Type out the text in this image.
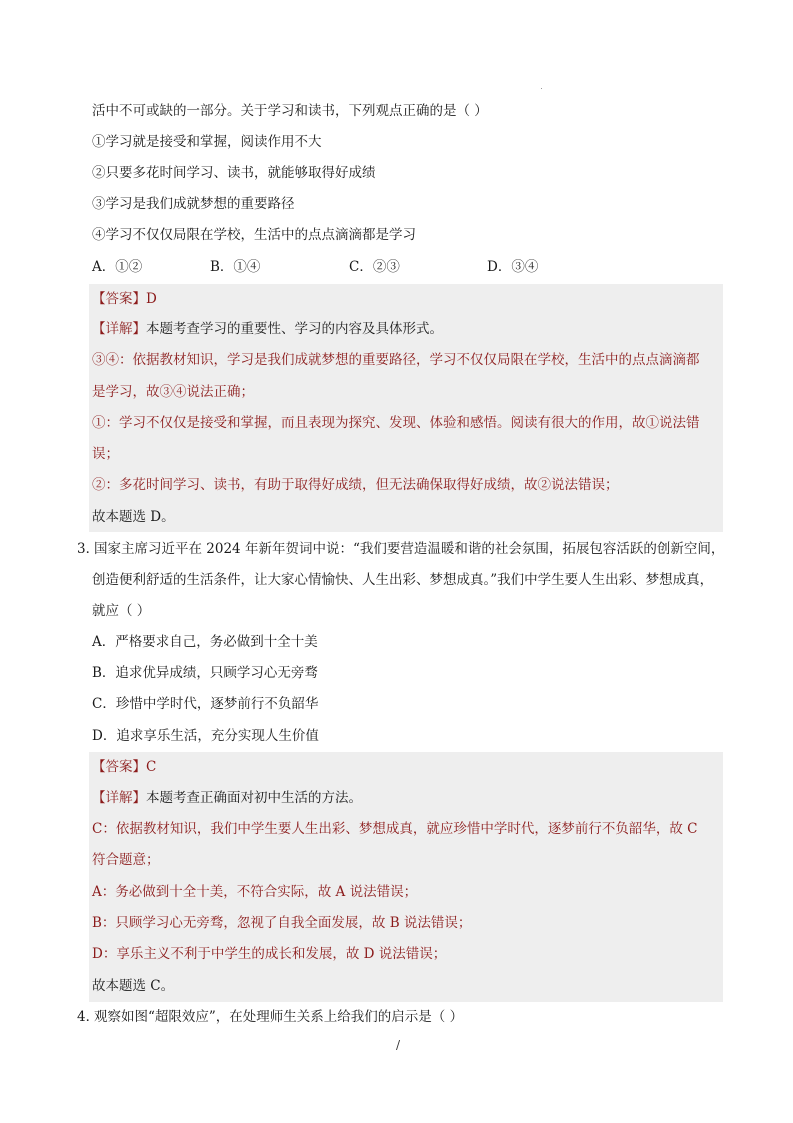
活中不可或缺的一部分。关于学习和读书，下列观点正确的是（ ）
①学习就是接受和掌握，阅读作用不大
②只要多花时间学习、读书，就能够取得好成绩
③学习是我们成就梦想的重要路径
④学习不仅仅局限在学校，生活中的点点滴滴都是学习
A．①②	B．①④	C．②③	D．③④
【答案】D
【详解】本题考查学习的重要性、学习的内容及具体形式。
③④：依据教材知识，学习是我们成就梦想的重要路径，学习不仅仅局限在学校，生活中的点点滴滴都
是学习，故③④说法正确；
①：学习不仅仅是接受和掌握，而且表现为探究、发现、体验和感悟。阅读有很大的作用，故①说法错
误；
②：多花时间学习、读书，有助于取得好成绩，但无法确保取得好成绩，故②说法错误；
故本题选 D。
3．
国家主席习近平在 2024 年新年贺词中说：“我们要营造温暖和谐的社会氛围，拓展包容活跃的创新空间，
创造便利舒适的生活条件，让大家心情愉快、人生出彩、梦想成真。”我们中学生要人生出彩、梦想成真，
就应（ ）
A．严格要求自己，务必做到十全十美
B．追求优异成绩，只顾学习心无旁骛
C．珍惜中学时代，逐梦前行不负韶华
D．追求享乐生活，充分实现人生价值
【答案】C
【详解】本题考查正确面对初中生活的方法。
C：依据教材知识，我们中学生要人生出彩、梦想成真，就应珍惜中学时代，逐梦前行不负韶华，故 C
符合题意；
A：务必做到十全十美，不符合实际，故 A 说法错误；
B：只顾学习心无旁骛，忽视了自我全面发展，故 B 说法错误；
D：享乐主义不利于中学生的成长和发展，故 D 说法错误；
故本题选 C。
4．
观察如图“超限效应”，在处理师生关系上给我们的启示是（ ）
/
